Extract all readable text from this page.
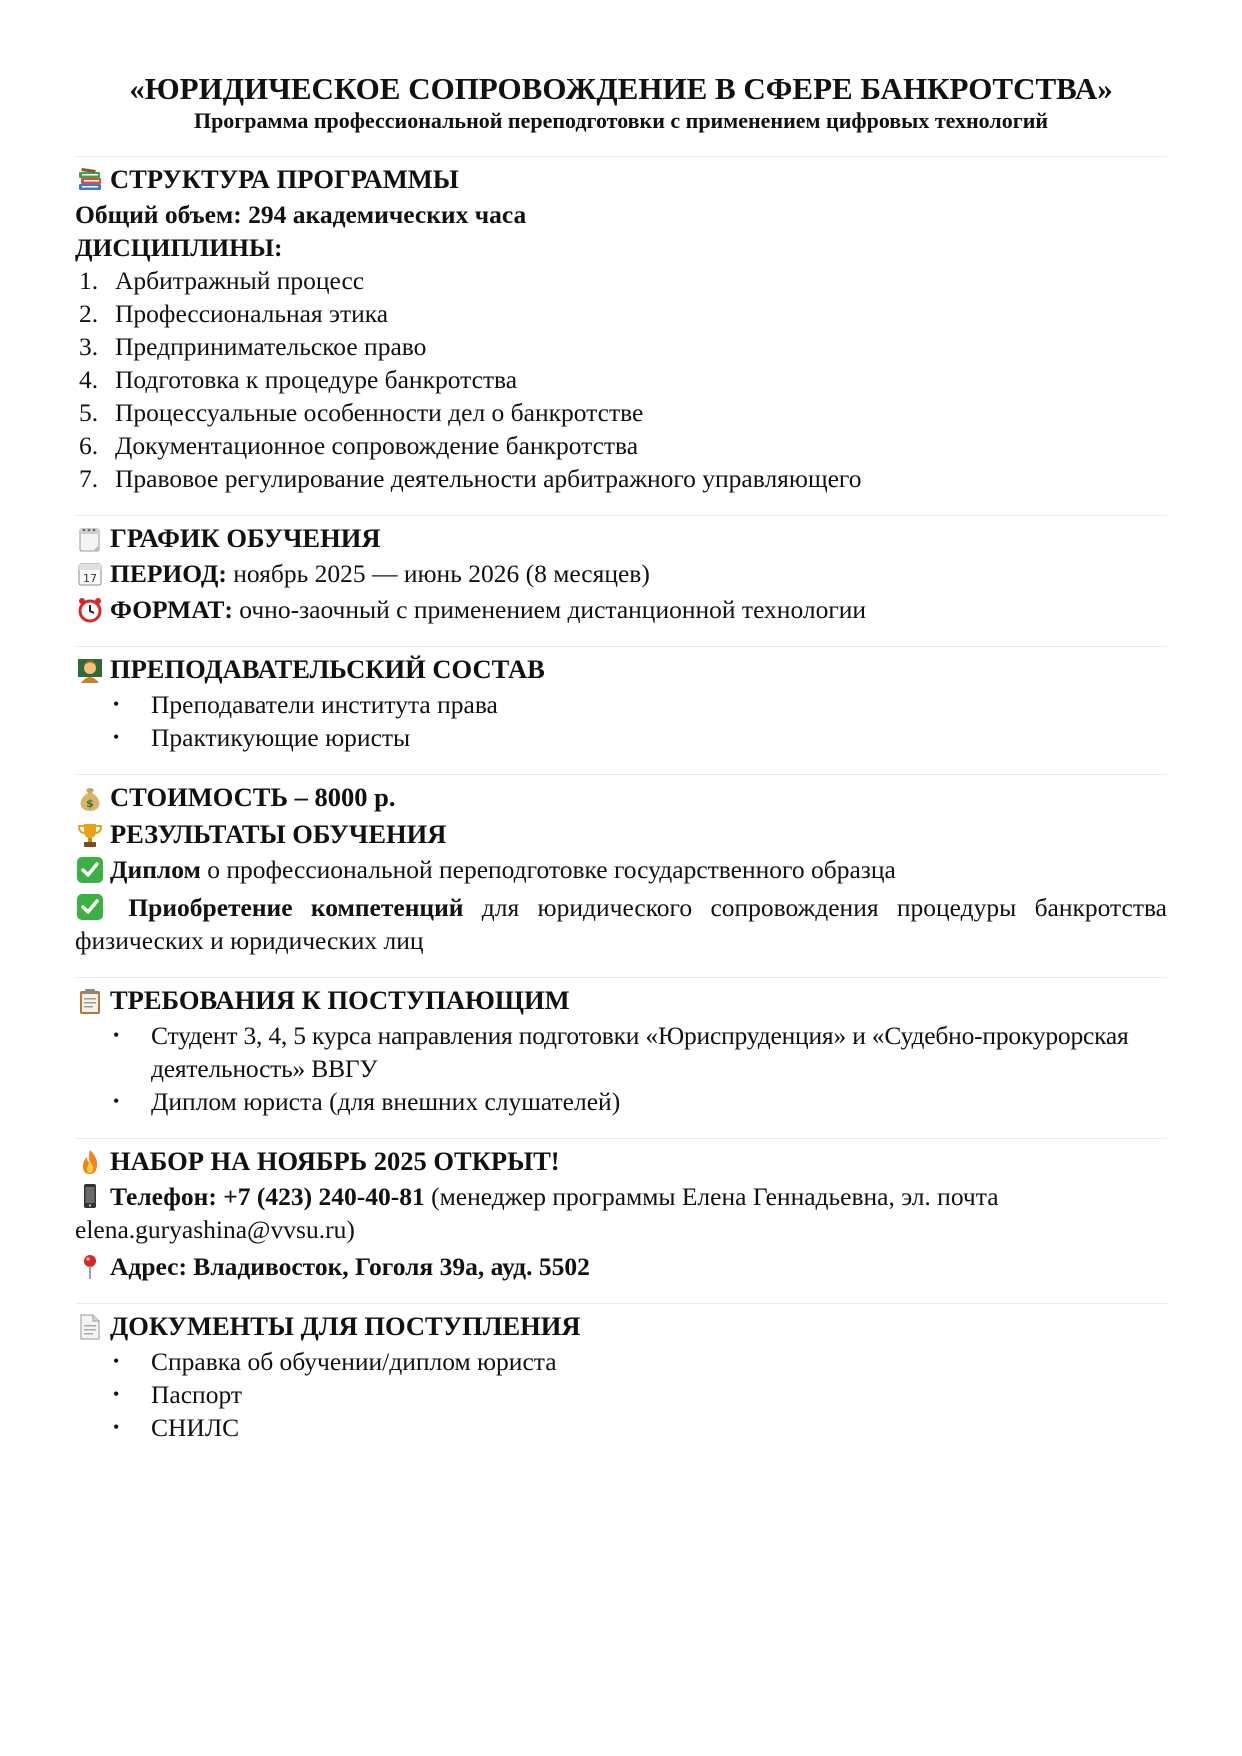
«ЮРИДИЧЕСКОЕ СОПРОВОЖДЕНИЕ В СФЕРЕ БАНКРОТСТВА»

Программа профессиональной переподготовки с применением цифровых технологий

СТРУКТУРА ПРОГРАММЫ

Общий объем: 294 академических часа

ДИСЦИПЛИНЫ:

1. Арбитражный процесс
2. Профессиональная этика
3. Предпринимательское право
4. Подготовка к процедуре банкротства
5. Процессуальные особенности дел о банкротстве
6. Документационное сопровождение банкротства
7. Правовое регулирование деятельности арбитражного управляющего
ГРАФИК ОБУЧЕНИЯ

17 ПЕРИОД: ноябрь 2025 — июнь 2026 (8 месяцев)

ФОРМАТ: очно-заочный с применением дистанционной технологии

ПРЕПОДАВАТЕЛЬСКИЙ СОСТАВ
•	Преподаватели института права
•	Практикующие юристы
$ СТОИМОСТЬ – 8000 р.
РЕЗУЛЬТАТЫ ОБУЧЕНИЯ

Диплом о профессиональной переподготовке государственного образца

Приобретение компетенций для юридического сопровождения процедуры банкротства физических и юридических лиц

ТРЕБОВАНИЯ К ПОСТУПАЮЩИМ
•	Студент 3, 4, 5 курса направления подготовки «Юриспруденция» и «Судебно-прокурорская деятельность» ВВГУ
•	Диплом юриста (для внешних слушателей)
НАБОР НА НОЯБРЬ 2025 ОТКРЫТ!

Телефон: +7 (423) 240-40-81 (менеджер программы Елена Геннадьевна, эл. почта elena.guryashina@vvsu.ru)

Адрес: Владивосток, Гоголя 39а, ауд. 5502

ДОКУМЕНТЫ ДЛЯ ПОСТУПЛЕНИЯ
•	Справка об обучении/диплом юриста
•	Паспорт
•	СНИЛС
